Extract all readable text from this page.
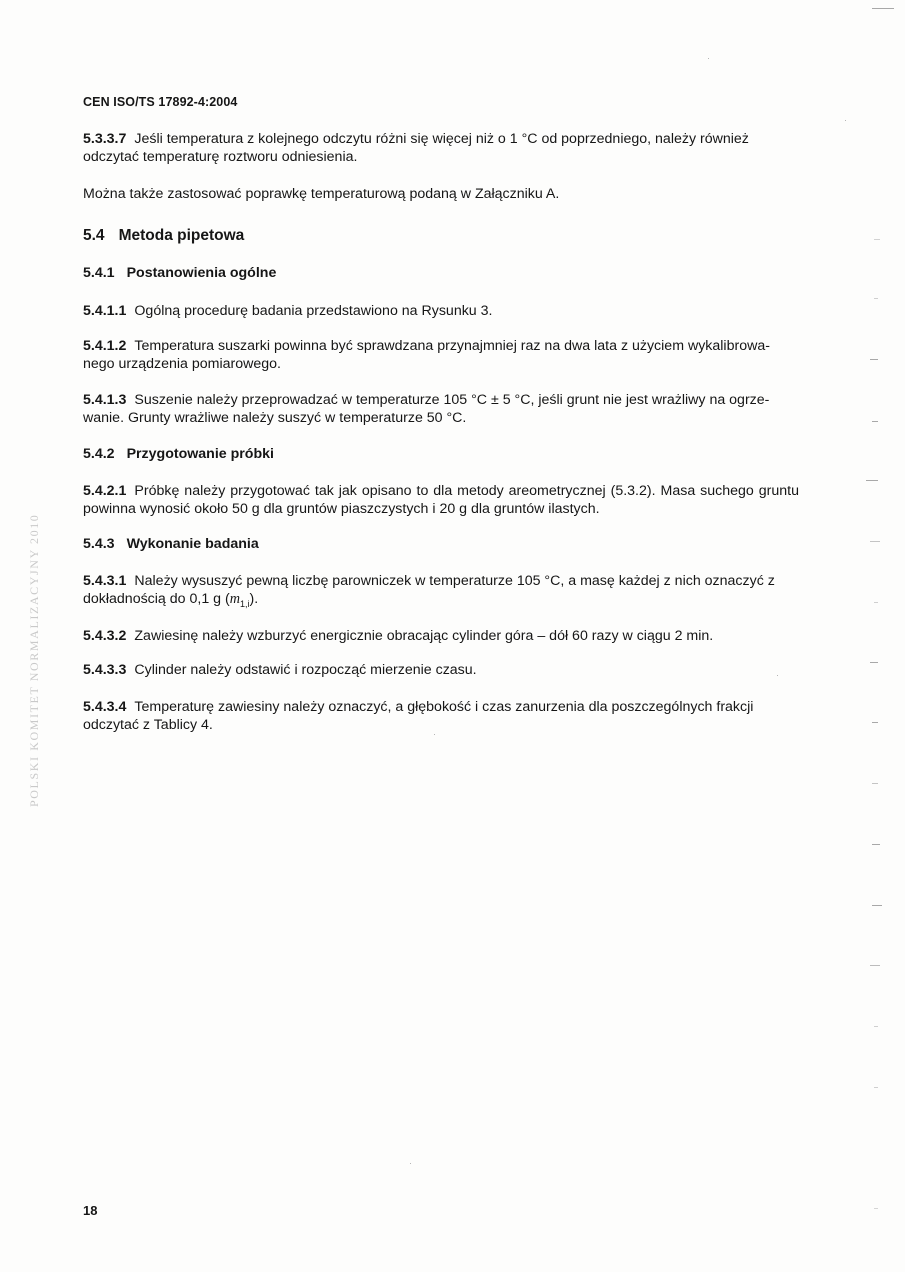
CEN ISO/TS 17892-4:2004
5.3.3.7 Jeśli temperatura z kolejnego odczytu różni się więcej niż o 1 °C od poprzedniego, należy również odczytać temperaturę roztworu odniesienia.
Można także zastosować poprawkę temperaturową podaną w Załączniku A.
5.4 Metoda pipetowa
5.4.1 Postanowienia ogólne
5.4.1.1 Ogólną procedurę badania przedstawiono na Rysunku 3.
5.4.1.2 Temperatura suszarki powinna być sprawdzana przynajmniej raz na dwa lata z użyciem wykalibrowa-nego urządzenia pomiarowego.
5.4.1.3 Suszenie należy przeprowadzać w temperaturze 105 °C ± 5 °C, jeśli grunt nie jest wrażliwy na ogrze-wanie. Grunty wrażliwe należy suszyć w temperaturze 50 °C.
5.4.2 Przygotowanie próbki
5.4.2.1 Próbkę należy przygotować tak jak opisano to dla metody areometrycznej (5.3.2). Masa suchego gruntu powinna wynosić około 50 g dla gruntów piaszczystych i 20 g dla gruntów ilastych.
5.4.3 Wykonanie badania
5.4.3.1 Należy wysuszyć pewną liczbę parowniczek w temperaturze 105 °C, a masę każdej z nich oznaczyć z dokładnością do 0,1 g $(m_{1,i})$.
5.4.3.2 Zawiesinę należy wzburzyć energicznie obracając cylinder góra – dół 60 razy w ciągu 2 min.
5.4.3.3 Cylinder należy odstawić i rozpocząć mierzenie czasu.
5.4.3.4 Temperaturę zawiesiny należy oznaczyć, a głębokość i czas zanurzenia dla poszczególnych frakcji odczytać z Tablicy 4.
18
POLSKI KOMITET NORMALIZACYJNY 2010
